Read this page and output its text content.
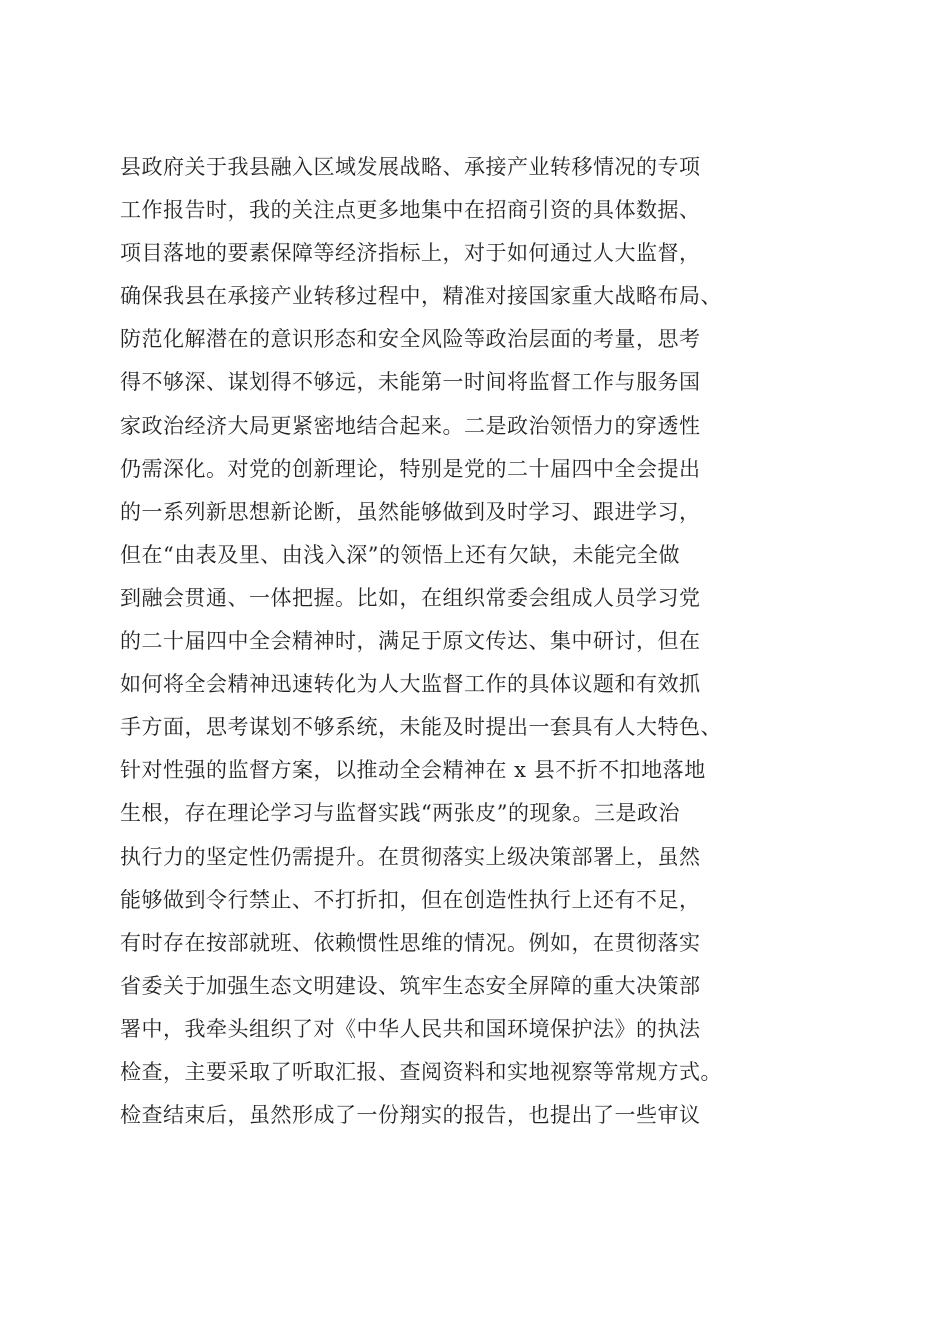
县政府关于我县融入区域发展战略、承接产业转移情况的专项
工作报告时，我的关注点更多地集中在招商引资的具体数据、
项目落地的要素保障等经济指标上，对于如何通过人大监督，
确保我县在承接产业转移过程中，精准对接国家重大战略布局、
防范化解潜在的意识形态和安全风险等政治层面的考量，思考
得不够深、谋划得不够远，未能第一时间将监督工作与服务国
家政治经济大局更紧密地结合起来。二是政治领悟力的穿透性
仍需深化。对党的创新理论，特别是党的二十届四中全会提出
的一系列新思想新论断，虽然能够做到及时学习、跟进学习，
但在“由表及里、由浅入深”的领悟上还有欠缺，未能完全做
到融会贯通、一体把握。比如，在组织常委会组成人员学习党
的二十届四中全会精神时，满足于原文传达、集中研讨，但在
如何将全会精神迅速转化为人大监督工作的具体议题和有效抓
手方面，思考谋划不够系统，未能及时提出一套具有人大特色、
针对性强的监督方案，以推动全会精神在 x 县不折不扣地落地
生根，存在理论学习与监督实践“两张皮”的现象。三是政治
执行力的坚定性仍需提升。在贯彻落实上级决策部署上，虽然
能够做到令行禁止、不打折扣，但在创造性执行上还有不足，
有时存在按部就班、依赖惯性思维的情况。例如，在贯彻落实
省委关于加强生态文明建设、筑牢生态安全屏障的重大决策部
署中，我牵头组织了对《中华人民共和国环境保护法》的执法
检查，主要采取了听取汇报、查阅资料和实地视察等常规方式。
检查结束后，虽然形成了一份翔实的报告，也提出了一些审议
